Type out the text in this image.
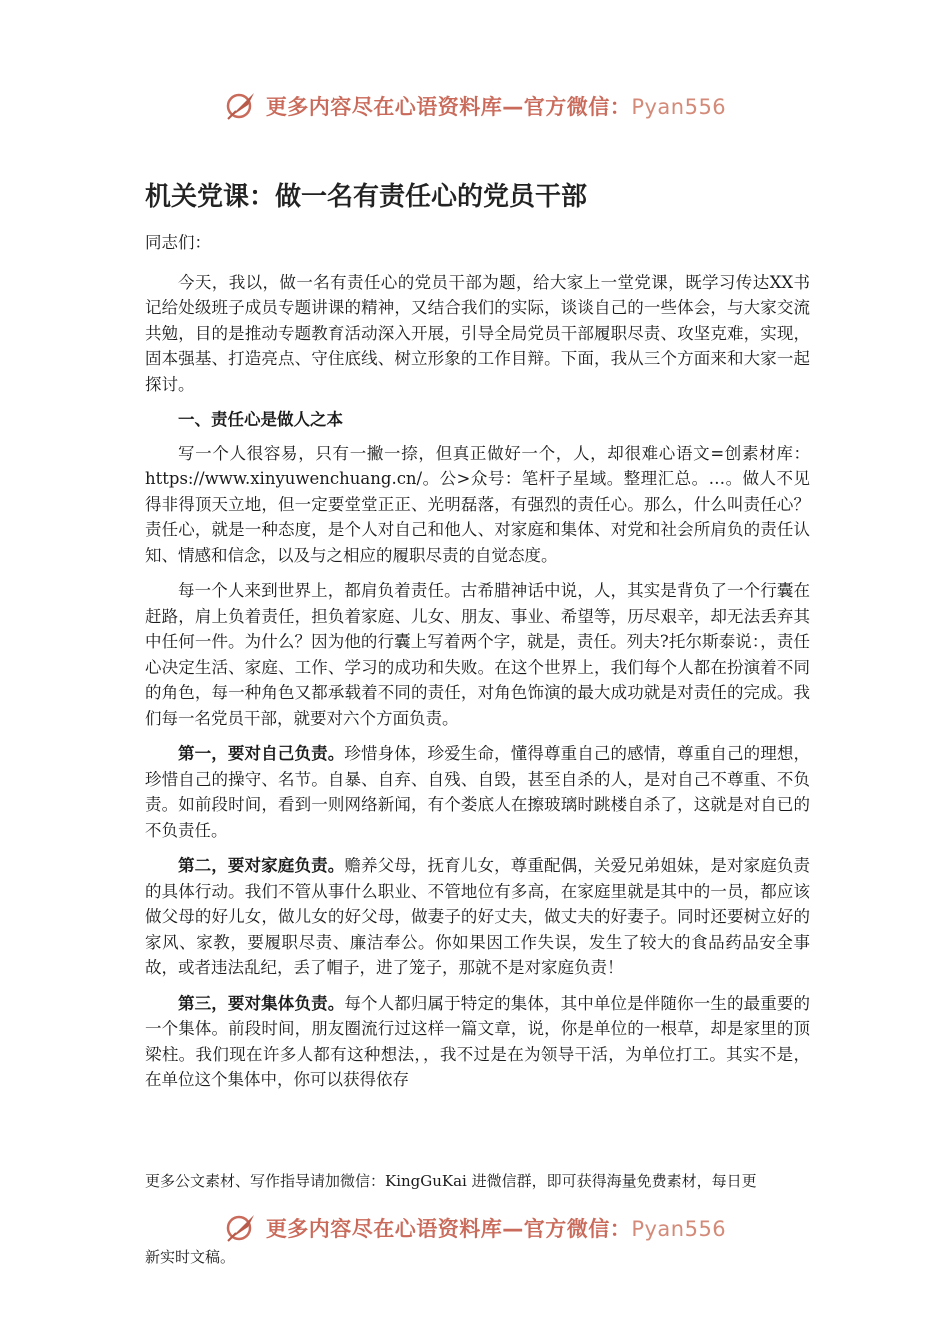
更多内容尽在心语资料库—官方微信：Pyan556
机关党课：做一名有责任心的党员干部

同志们：

今天，我以，做一名有责任心的党员干部为题，给大家上一堂党课，既学习传达XX书记给处级班子成员专题讲课的精神，又结合我们的实际，谈谈自己的一些体会，与大家交流共勉，目的是推动专题教育活动深入开展，引导全局党员干部履职尽责、攻坚克难，实现，固本强基、打造亮点、守住底线、树立形象的工作目辩。下面，我从三个方面来和大家一起探讨。

一、责任心是做人之本

写一个人很容易，只有一撇一捺，但真正做好一个，人，却很难心语文=创素材库：https://www.xinyuwenchuang.cn/。公>众号：笔杆子星域。整理汇总。…。做人不见得非得顶天立地，但一定要堂堂正正、光明磊落，有强烈的责任心。那么，什么叫责任心？责任心，就是一种态度，是个人对自己和他人、对家庭和集体、对党和社会所肩负的责任认知、情感和信念，以及与之相应的履职尽责的自觉态度。

每一个人来到世界上，都肩负着责任。古希腊神话中说，人，其实是背负了一个行囊在赶路，肩上负着责任，担负着家庭、儿女、朋友、事业、希望等，历尽艰辛，却无法丢弃其中任何一件。为什么？因为他的行囊上写着两个字，就是，责任。列夫?托尔斯泰说：，责任心决定生活、家庭、工作、学习的成功和失败。在这个世界上，我们每个人都在扮演着不同的角色，每一种角色又都承载着不同的责任，对角色饰演的最大成功就是对责任的完成。我们每一名党员干部，就要对六个方面负责。

第一，要对自己负责。珍惜身体，珍爱生命，懂得尊重自己的感情，尊重自己的理想，珍惜自己的操守、名节。自暴、自弃、自残、自毁，甚至自杀的人，是对自己不尊重、不负责。如前段时间，看到一则网络新闻，有个娄底人在擦玻璃时跳楼自杀了，这就是对自已的不负责任。

第二，要对家庭负责。赡养父母，抚育儿女，尊重配偶，关爱兄弟姐妹，是对家庭负责的具体行动。我们不管从事什么职业、不管地位有多高，在家庭里就是其中的一员，都应该做父母的好儿女，做儿女的好父母，做妻子的好丈夫，做丈夫的好妻子。同时还要树立好的家风、家教，要履职尽责、廉洁奉公。你如果因工作失误，发生了较大的食品药品安全事故，或者违法乱纪，丢了帽子，进了笼子，那就不是对家庭负责！

第三，要对集体负责。每个人都归属于特定的集体，其中单位是伴随你一生的最重要的一个集体。前段时间，朋友圈流行过这样一篇文章，说，你是单位的一根草，却是家里的顶梁柱。我们现在许多人都有这种想法，，我不过是在为领导干活，为单位打工。其实不是，在单位这个集体中，你可以获得依存

更多公文素材、写作指导请加微信：KingGuKai 进微信群，即可获得海量免费素材，每日更
更多内容尽在心语资料库—官方微信：Pyan556
新实时文稿。
